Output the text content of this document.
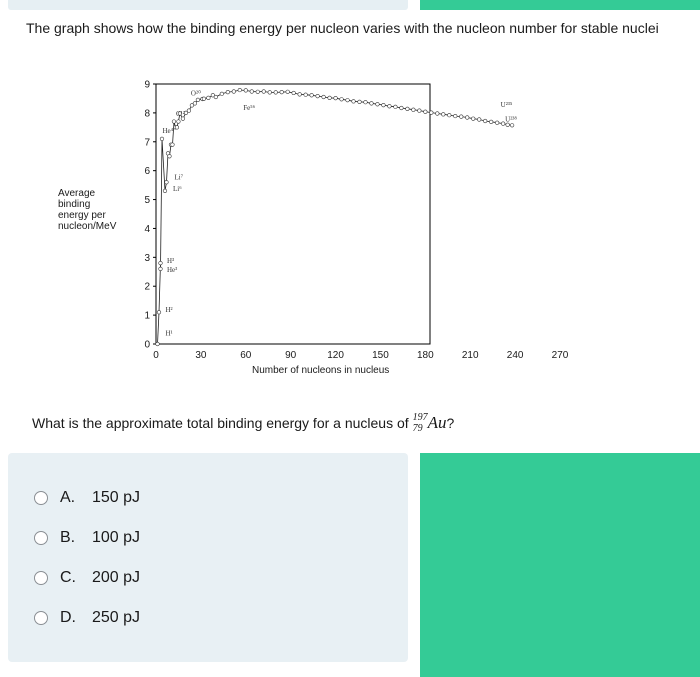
The graph shows how the binding energy per nucleon varies with the nucleon number for stable nuclei

0
1
2
3
4
5
6
7
8
9
0	30	60	90	120	150	180	210	240	270
Number of nucleons in nucleus
Average
binding
energy per
nucleon/MeV
H¹
H²
H³
He³
Li⁶
Li⁷
He⁴
C¹²
O²⁰
Fe⁵⁶	U²³⁵
U²³⁸

What is the approximate total binding energy for a nucleus of 197
79 Au?

A.	150 pJ
B.	100 pJ
C.	200 pJ
D.	250 pJ
